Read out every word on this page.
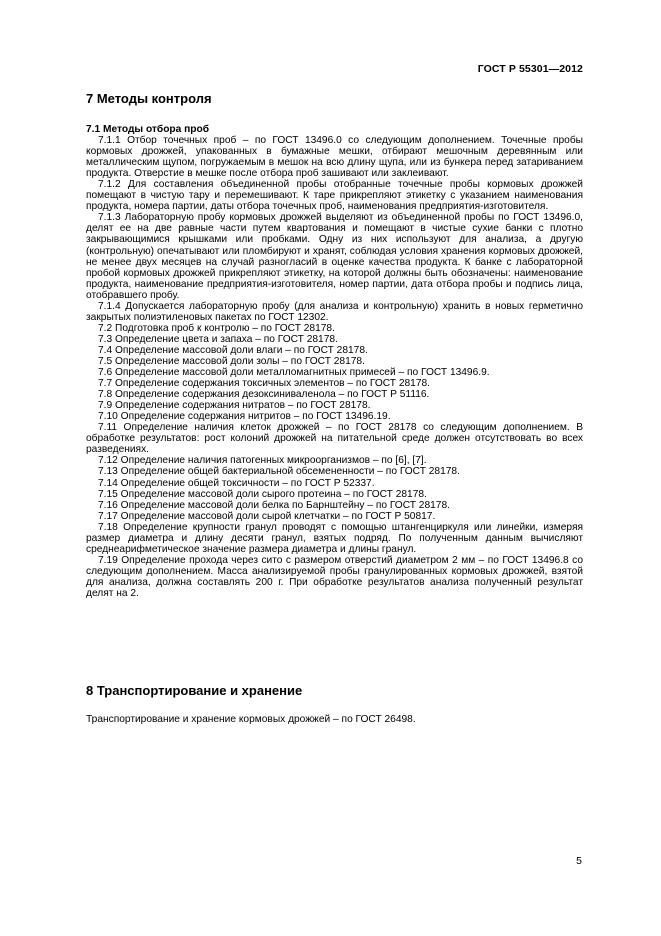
ГОСТ Р 55301—2012
7 Методы контроля

7.1 Методы отбора проб

7.1.1 Отбор точечных проб – по ГОСТ 13496.0 со следующим дополнением. Точечные пробы кормовых дрожжей, упакованных в бумажные мешки, отбирают мешочным деревянным или металлическим щупом, погружаемым в мешок на всю длину щупа, или из бункера перед затариванием продукта. Отверстие в мешке после отбора проб зашивают или заклеивают.

7.1.2 Для составления объединенной пробы отобранные точечные пробы кормовых дрожжей помещают в чистую тару и перемешивают. К таре прикрепляют этикетку с указанием наименования продукта, номера партии, даты отбора точечных проб, наименования предприятия-изготовителя.

7.1.3 Лабораторную пробу кормовых дрожжей выделяют из объединенной пробы по ГОСТ 13496.0, делят ее на две равные части путем квартования и помещают в чистые сухие банки с плотно закрывающимися крышками или пробками. Одну из них используют для анализа, а другую (контрольную) опечатывают или пломбируют и хранят, соблюдая условия хранения кормовых дрожжей, не менее двух месяцев на случай разногласий в оценке качества продукта. К банке с лабораторной пробой кормовых дрожжей прикрепляют этикетку, на которой должны быть обозначены: наименование продукта, наименование предприятия-изготовителя, номер партии, дата отбора пробы и подпись лица, отобравшего пробу.

7.1.4 Допускается лабораторную пробу (для анализа и контрольную) хранить в новых герметично закрытых полиэтиленовых пакетах по ГОСТ 12302.

7.2 Подготовка проб к контролю – по ГОСТ 28178.

7.3 Определение цвета и запаха – по ГОСТ 28178.

7.4 Определение массовой доли влаги – по ГОСТ 28178.

7.5 Определение массовой доли золы – по ГОСТ 28178.

7.6 Определение массовой доли металломагнитных примесей – по ГОСТ 13496.9.

7.7 Определение содержания токсичных элементов – по ГОСТ 28178.

7.8 Определение содержания дезоксиниваленола – по ГОСТ Р 51116.

7.9 Определение содержания нитратов – по ГОСТ 28178.

7.10 Определение содержания нитритов – по ГОСТ 13496.19.

7.11 Определение наличия клеток дрожжей – по ГОСТ 28178 со следующим дополнением. В обработке результатов: рост колоний дрожжей на питательной среде должен отсутствовать во всех разведениях.

7.12 Определение наличия патогенных микроорганизмов – по [6], [7].

7.13 Определение общей бактериальной обсемененности – по ГОСТ 28178.

7.14 Определение общей токсичности – по ГОСТ Р 52337.

7.15 Определение массовой доли сырого протеина – по ГОСТ 28178.

7.16 Определение массовой доли белка по Барнштейну – по ГОСТ 28178.

7.17 Определение массовой доли сырой клетчатки – по ГОСТ Р 50817.

7.18 Определение крупности гранул проводят с помощью штангенциркуля или линейки, измеряя размер диаметра и длину десяти гранул, взятых подряд. По полученным данным вычисляют среднеарифметическое значение размера диаметра и длины гранул.

7.19 Определение прохода через сито с размером отверстий диаметром 2 мм – по ГОСТ 13496.8 со следующим дополнением. Масса анализируемой пробы гранулированных кормовых дрожжей, взятой для анализа, должна составлять 200 г. При обработке результатов анализа полученный результат делят на 2.

8 Транспортирование и хранение

Транспортирование и хранение кормовых дрожжей – по ГОСТ 26498.

5
